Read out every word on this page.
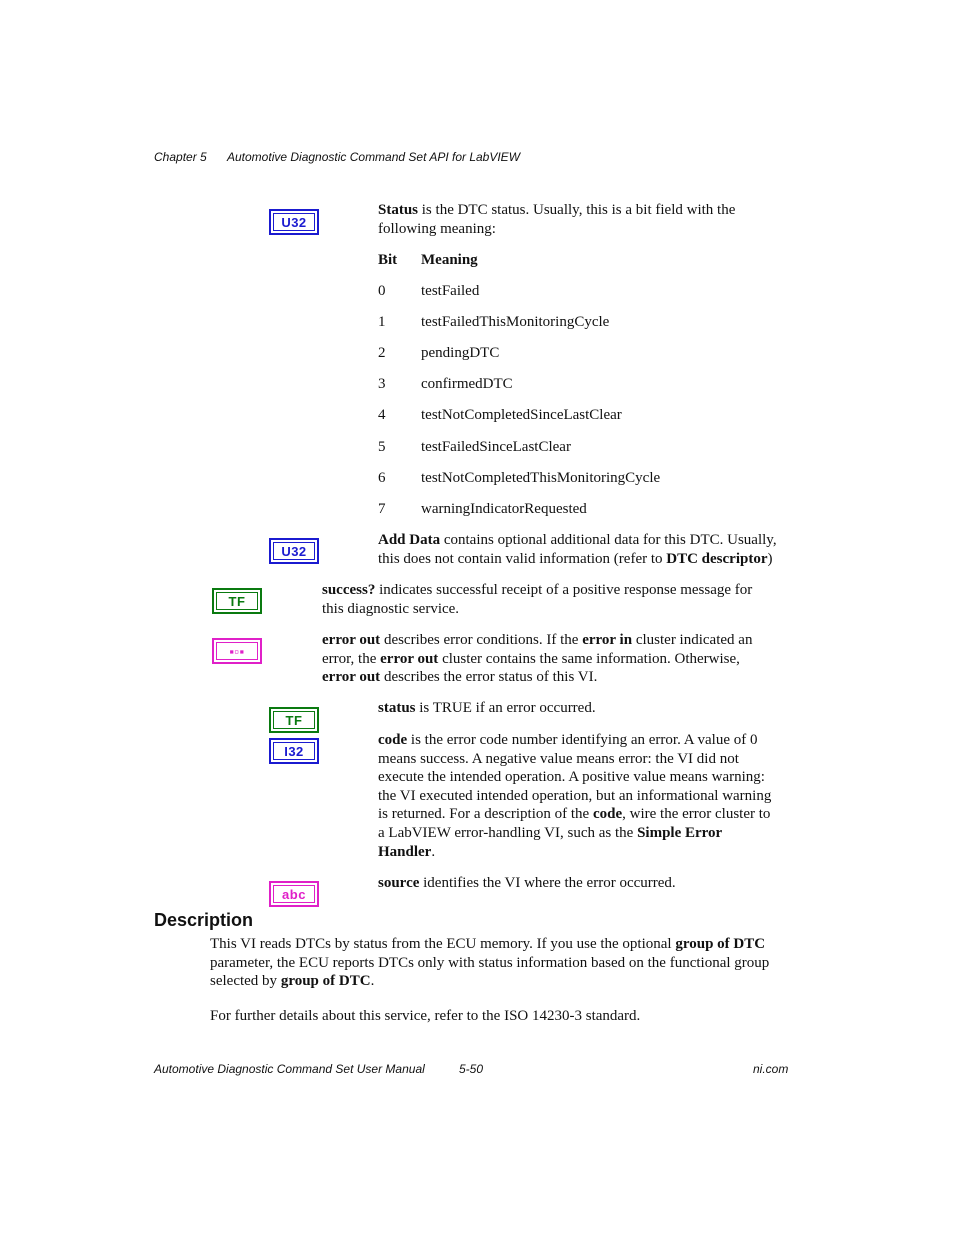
Chapter 5 Automotive Diagnostic Command Set API for LabVIEW
U32
Status is the DTC status. Usually, this is a bit field with the
following meaning:
Bit Meaning
0 testFailed
1 testFailedThisMonitoringCycle
2 pendingDTC
3 confirmedDTC
4 testNotCompletedSinceLastClear
5 testFailedSinceLastClear
6 testNotCompletedThisMonitoringCycle
7 warningIndicatorRequested
U32
Add Data contains optional additional data for this DTC. Usually,
this does not contain valid information (refer to DTC descriptor)
TF
success? indicates successful receipt of a positive response message for
this diagnostic service.
▪▫▪
error out describes error conditions. If the error in cluster indicated an
error, the error out cluster contains the same information. Otherwise,
error out describes the error status of this VI.
TF
status is TRUE if an error occurred.
I32
code is the error code number identifying an error. A value of 0
means success. A negative value means error: the VI did not
execute the intended operation. A positive value means warning:
the VI executed intended operation, but an informational warning
is returned. For a description of the code, wire the error cluster to
a LabVIEW error-handling VI, such as the Simple Error
Handler.
abc
source identifies the VI where the error occurred.
Description
This VI reads DTCs by status from the ECU memory. If you use the optional group of DTC
parameter, the ECU reports DTCs only with status information based on the functional group
selected by group of DTC.
For further details about this service, refer to the ISO 14230-3 standard.
Automotive Diagnostic Command Set User Manual	5-50	ni.com
